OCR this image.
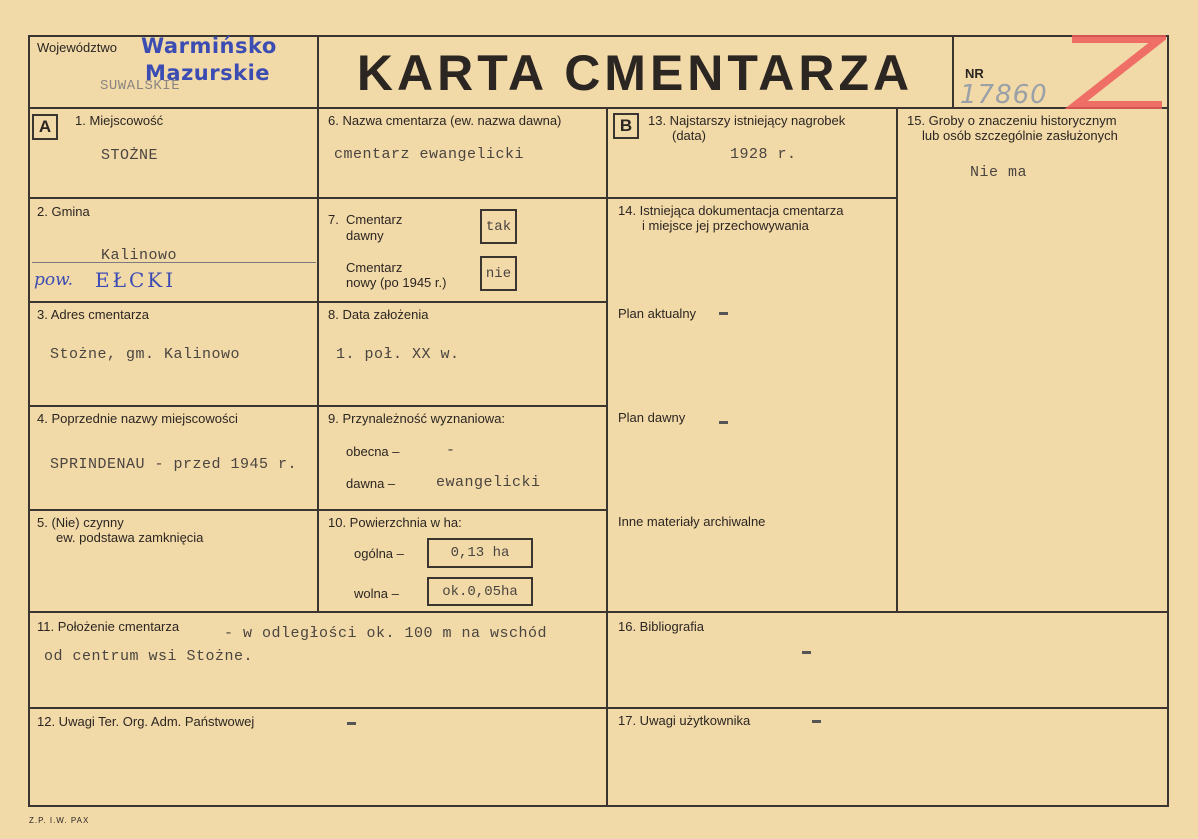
Województwo
SUWALSKIE
Warmińsko
Mazurskie	KARTA CMENTARZA	NR
17860
A	1. Miejscowość
STOŻNE
2. Gmina
Kalinowo
pow. EŁCKI
3. Adres cmentarza
Stożne, gm. Kalinowo
4. Poprzednie nazwy miejscowości
SPRINDENAU - przed 1945 r.
5. (Nie) czynny
ew. podstawa zamknięcia
6. Nazwa cmentarza (ew. nazwa dawna)
cmentarz ewangelicki
7. Cmentarz
dawny
tak
Cmentarz
nowy (po 1945 r.)
nie
8. Data założenia
1. poł. XX w.
9. Przynależność wyznaniowa:
obecna –	-
dawna –	ewangelicki
10. Powierzchnia w ha:
ogólna –	0,13 ha
wolna –	ok.0,05ha
B	13. Najstarszy istniejący nagrobek
(data)
1928 r.
14. Istniejąca dokumentacja cmentarza
i miejsce jej przechowywania
Plan aktualny
Plan dawny
Inne materiały archiwalne
15. Groby o znaczeniu historycznym
lub osób szczególnie zasłużonych
Nie ma
11. Położenie cmentarza	- w odległości ok. 100 m na wschód
od centrum wsi Stożne.
16. Bibliografia
12. Uwagi Ter. Org. Adm. Państwowej	17. Uwagi użytkownika
Z.P. I.W. PAX
